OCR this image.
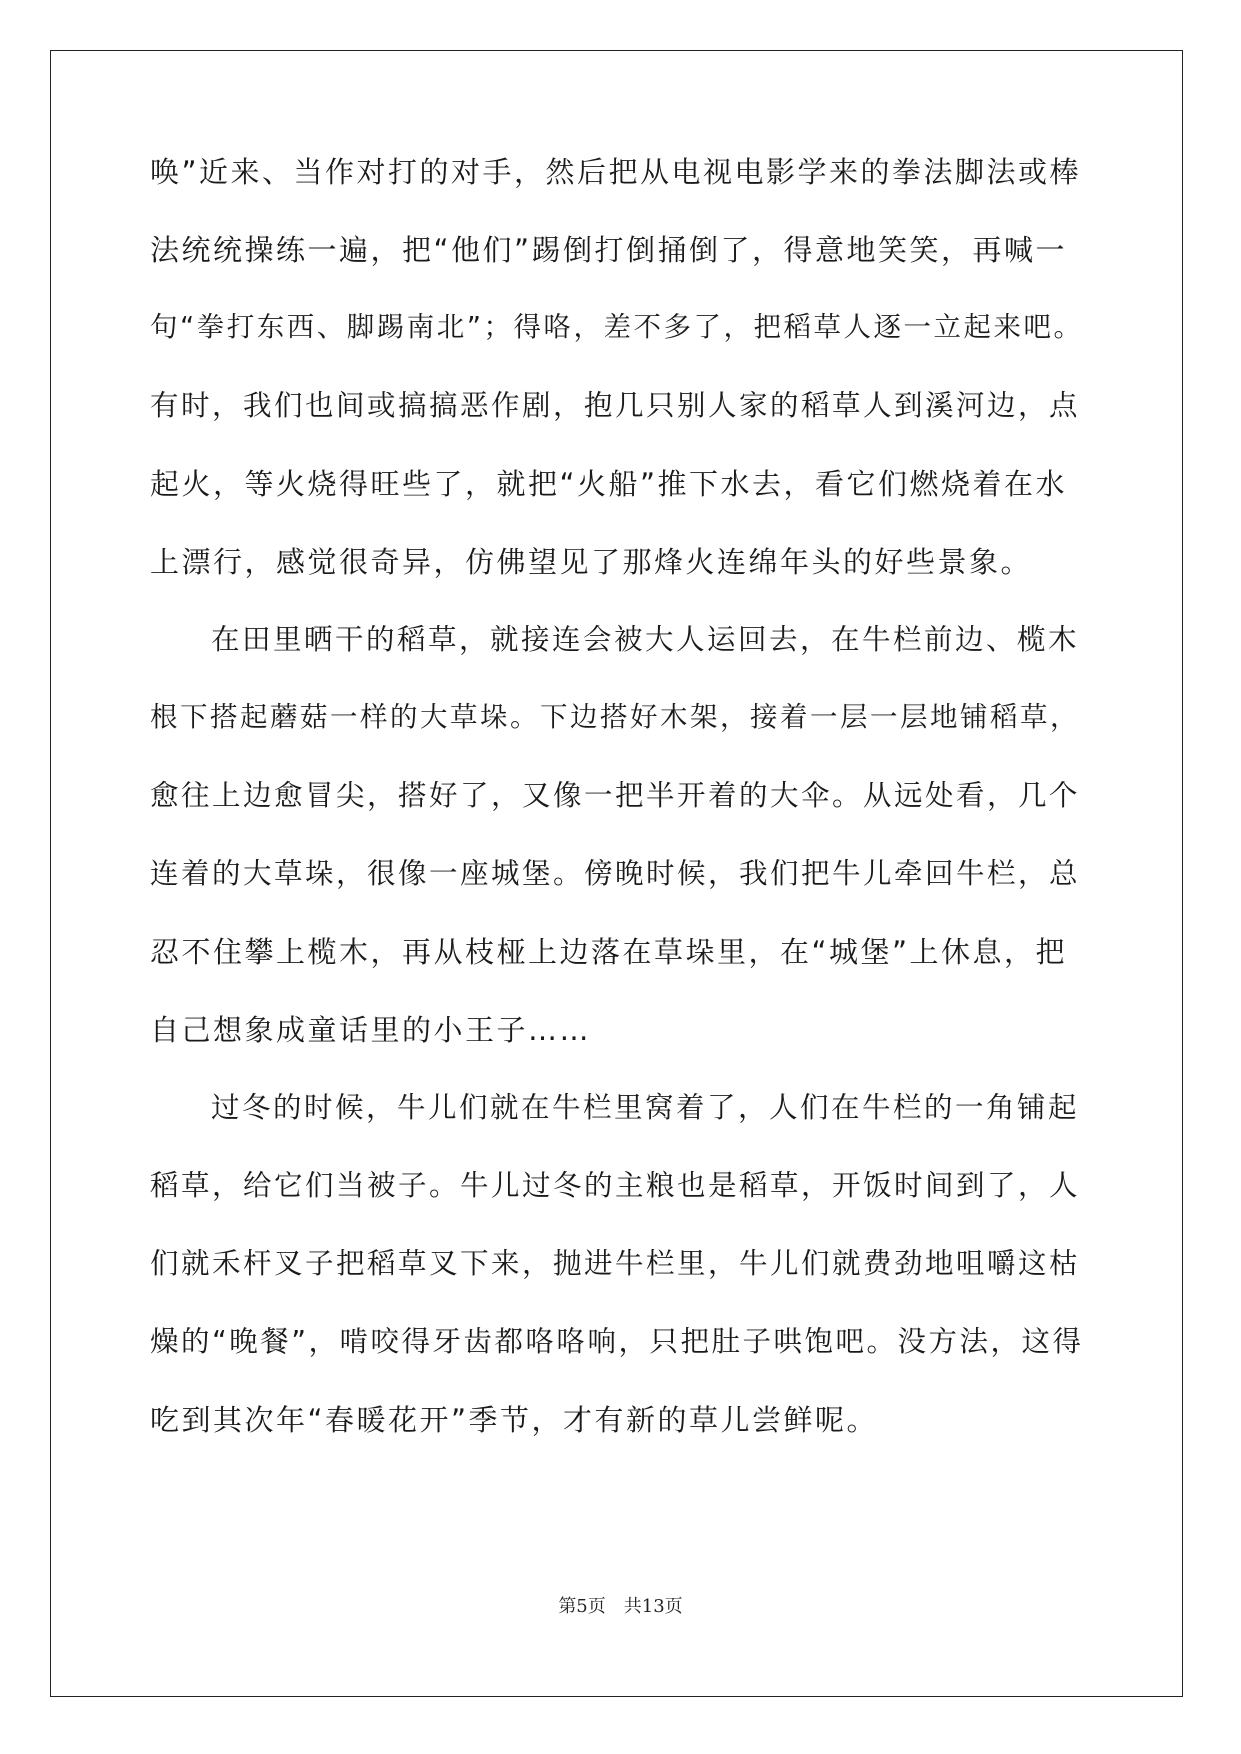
唤”近来、当作对打的对手，然后把从电视电影学来的拳法脚法或棒
法统统操练一遍，把“他们”踢倒打倒捅倒了，得意地笑笑，再喊一
句“拳打东西、脚踢南北”；得咯，差不多了，把稻草人逐一立起来吧。
有时，我们也间或搞搞恶作剧，抱几只别人家的稻草人到溪河边，点
起火，等火烧得旺些了，就把“火船”推下水去，看它们燃烧着在水
上漂行，感觉很奇异，仿佛望见了那烽火连绵年头的好些景象。
在田里晒干的稻草，就接连会被大人运回去，在牛栏前边、榄木
根下搭起蘑菇一样的大草垛。下边搭好木架，接着一层一层地铺稻草，
愈往上边愈冒尖，搭好了，又像一把半开着的大伞。从远处看，几个
连着的大草垛，很像一座城堡。傍晚时候，我们把牛儿牵回牛栏，总
忍不住攀上榄木，再从枝桠上边落在草垛里，在“城堡”上休息，把
自己想象成童话里的小王子……
过冬的时候，牛儿们就在牛栏里窝着了，人们在牛栏的一角铺起
稻草，给它们当被子。牛儿过冬的主粮也是稻草，开饭时间到了，人
们就禾杆叉子把稻草叉下来，抛进牛栏里，牛儿们就费劲地咀嚼这枯
燥的“晚餐”，啃咬得牙齿都咯咯响，只把肚子哄饱吧。没方法，这得
吃到其次年“春暖花开”季节，才有新的草儿尝鲜呢。
第5页 共13页
